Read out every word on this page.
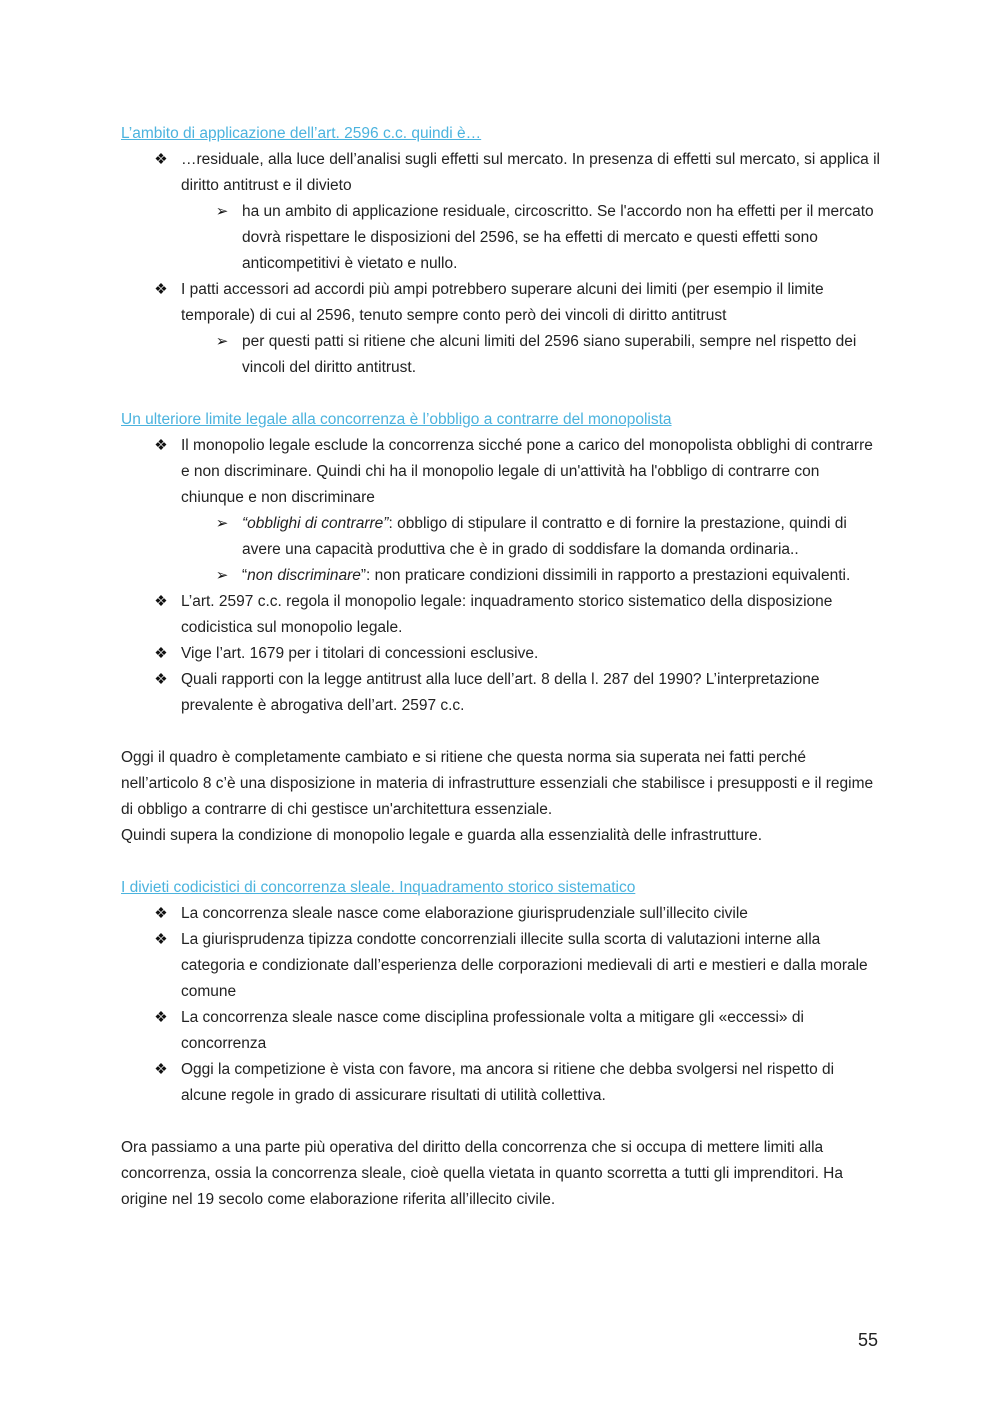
L’ambito di applicazione dell’art. 2596 c.c. quindi è…
❖ …residuale, alla luce dell’analisi sugli effetti sul mercato. In presenza di effetti sul mercato, si applica il diritto antitrust e il divieto
➢ ha un ambito di applicazione residuale, circoscritto. Se l'accordo non ha effetti per il mercato dovrà rispettare le disposizioni del 2596, se ha effetti di mercato e questi effetti sono anticompetitivi è vietato e nullo.
❖ I patti accessori ad accordi più ampi potrebbero superare alcuni dei limiti (per esempio il limite temporale) di cui al 2596, tenuto sempre conto però dei vincoli di diritto antitrust
➢ per questi patti si ritiene che alcuni limiti del 2596 siano superabili, sempre nel rispetto dei vincoli del diritto antitrust.
Un ulteriore limite legale alla concorrenza è l’obbligo a contrarre del monopolista
❖ Il monopolio legale esclude la concorrenza sicché pone a carico del monopolista obblighi di contrarre e non discriminare. Quindi chi ha il monopolio legale di un'attività ha l'obbligo di contrarre con chiunque e non discriminare
➢ “obblighi di contrarre”: obbligo di stipulare il contratto e di fornire la prestazione, quindi di avere una capacità produttiva che è in grado di soddisfare la domanda ordinaria..
➢ “non discriminare”: non praticare condizioni dissimili in rapporto a prestazioni equivalenti.
❖ L’art. 2597 c.c. regola il monopolio legale: inquadramento storico sistematico della disposizione codicistica sul monopolio legale.
❖ Vige l’art. 1679 per i titolari di concessioni esclusive.
❖ Quali rapporti con la legge antitrust alla luce dell’art. 8 della l. 287 del 1990? L’interpretazione prevalente è abrogativa dell’art. 2597 c.c.

Oggi il quadro è completamente cambiato e si ritiene che questa norma sia superata nei fatti perché nell’articolo 8 c’è una disposizione in materia di infrastrutture essenziali che stabilisce i presupposti e il regime di obbligo a contrarre di chi gestisce un'architettura essenziale.

Quindi supera la condizione di monopolio legale e guarda alla essenzialità delle infrastrutture.

I divieti codicistici di concorrenza sleale. Inquadramento storico sistematico
❖ La concorrenza sleale nasce come elaborazione giurisprudenziale sull’illecito civile
❖ La giurisprudenza tipizza condotte concorrenziali illecite sulla scorta di valutazioni interne alla categoria e condizionate dall’esperienza delle corporazioni medievali di arti e mestieri e dalla morale comune
❖ La concorrenza sleale nasce come disciplina professionale volta a mitigare gli «eccessi» di concorrenza
❖ Oggi la competizione è vista con favore, ma ancora si ritiene che debba svolgersi nel rispetto di alcune regole in grado di assicurare risultati di utilità collettiva.

Ora passiamo a una parte più operativa del diritto della concorrenza che si occupa di mettere limiti alla concorrenza, ossia la concorrenza sleale, cioè quella vietata in quanto scorretta a tutti gli imprenditori. Ha origine nel 19 secolo come elaborazione riferita all’illecito civile.

55
